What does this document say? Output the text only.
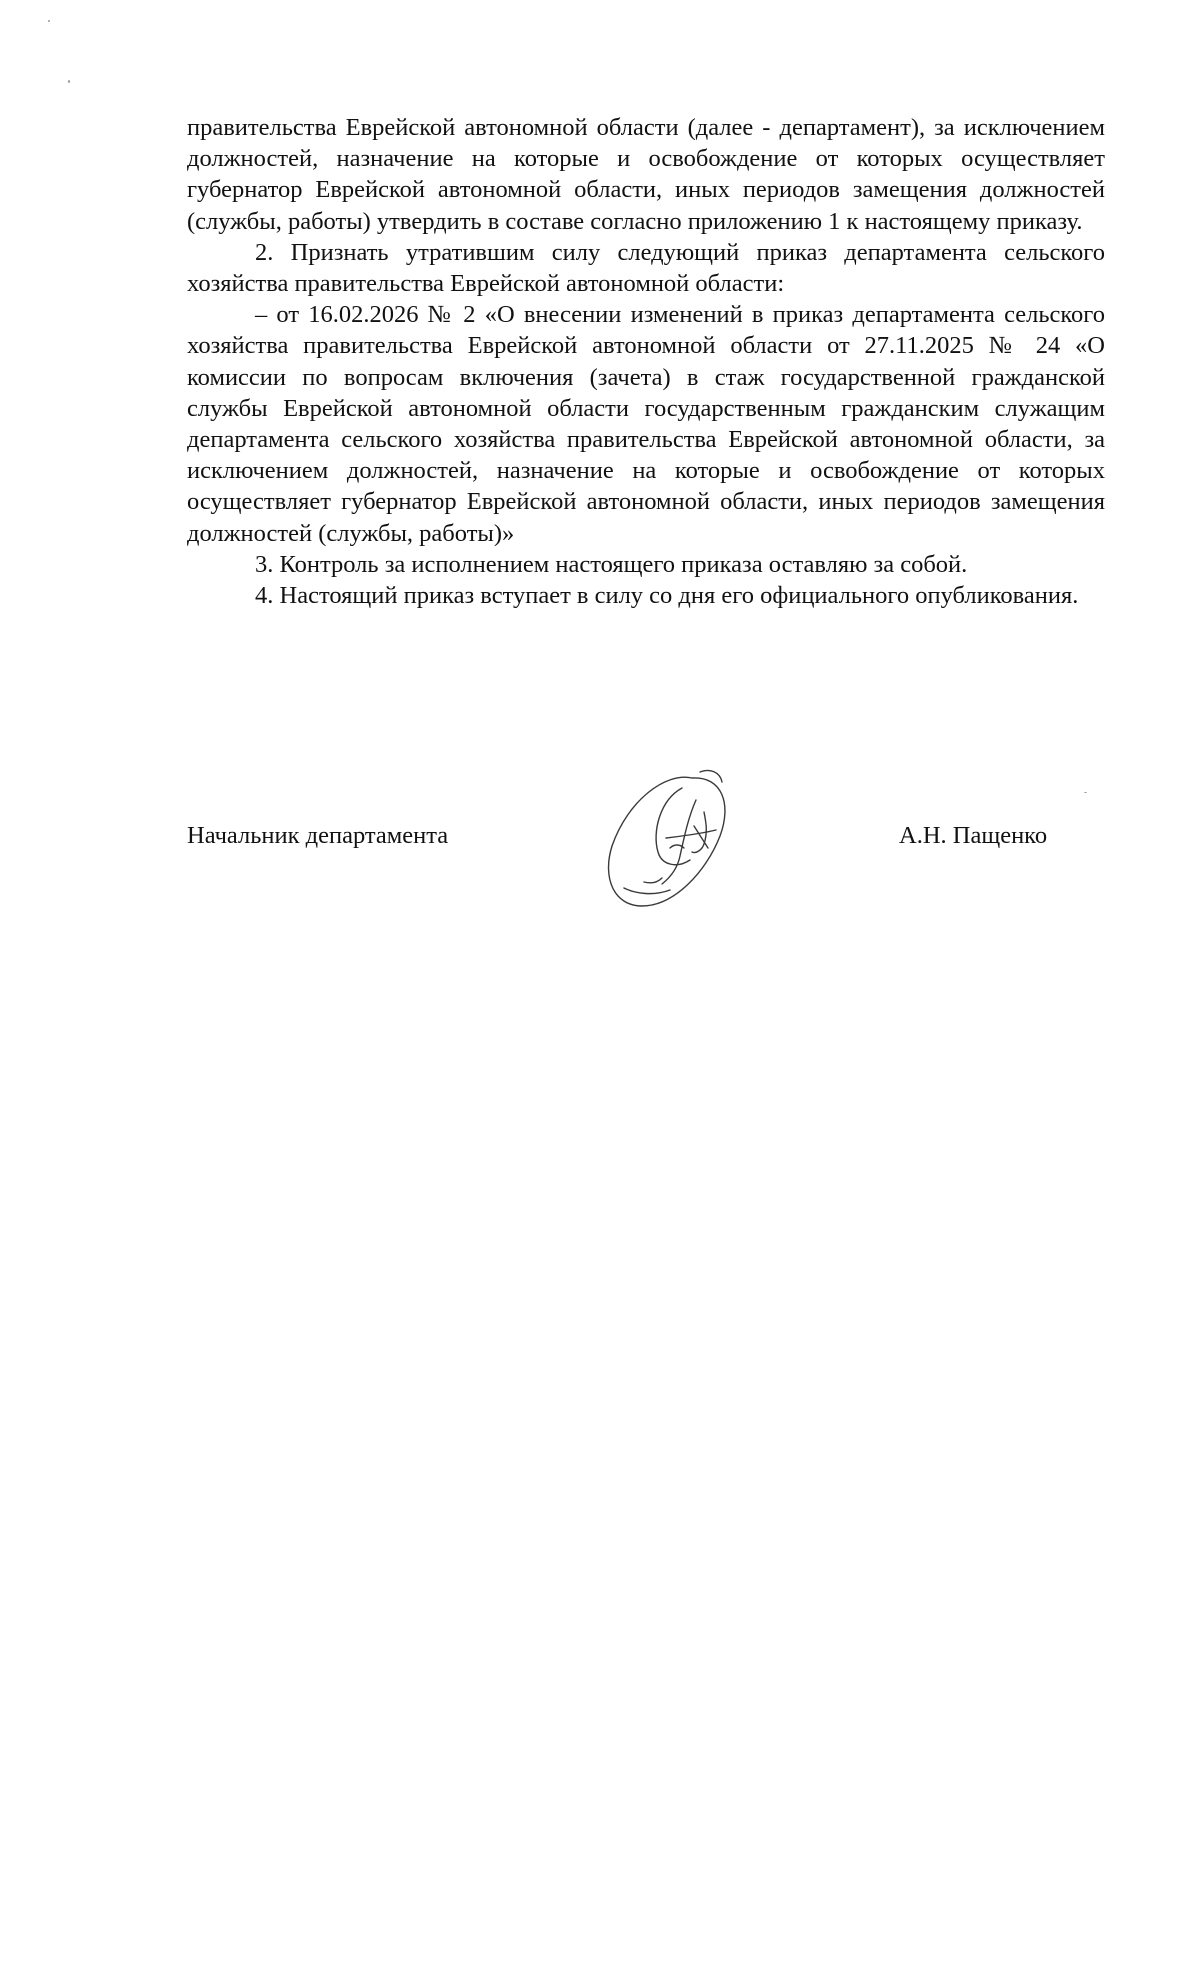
правительства Еврейской автономной области (далее - департамент), за исключением должностей, назначение на которые и освобождение от которых осуществляет губернатор Еврейской автономной области, иных периодов замещения должностей (службы, работы) утвердить в составе согласно приложению 1 к настоящему приказу.

2. Признать утратившим силу следующий приказ департамента сельского хозяйства правительства Еврейской автономной области:

– от 16.02.2026 № 2 «О внесении изменений в приказ департамента сельского хозяйства правительства Еврейской автономной области от 27.11.2025 № 24 «О комиссии по вопросам включения (зачета) в стаж государственной гражданской службы Еврейской автономной области государственным гражданским служащим департамента сельского хозяйства правительства Еврейской автономной области, за исключением должностей, назначение на которые и освобождение от которых осуществляет губернатор Еврейской автономной области, иных периодов замещения должностей (службы, работы)»

3. Контроль за исполнением настоящего приказа оставляю за собой.

4. Настоящий приказ вступает в силу со дня его официального опубликования.

Начальник департамента	А.Н. Пащенко
